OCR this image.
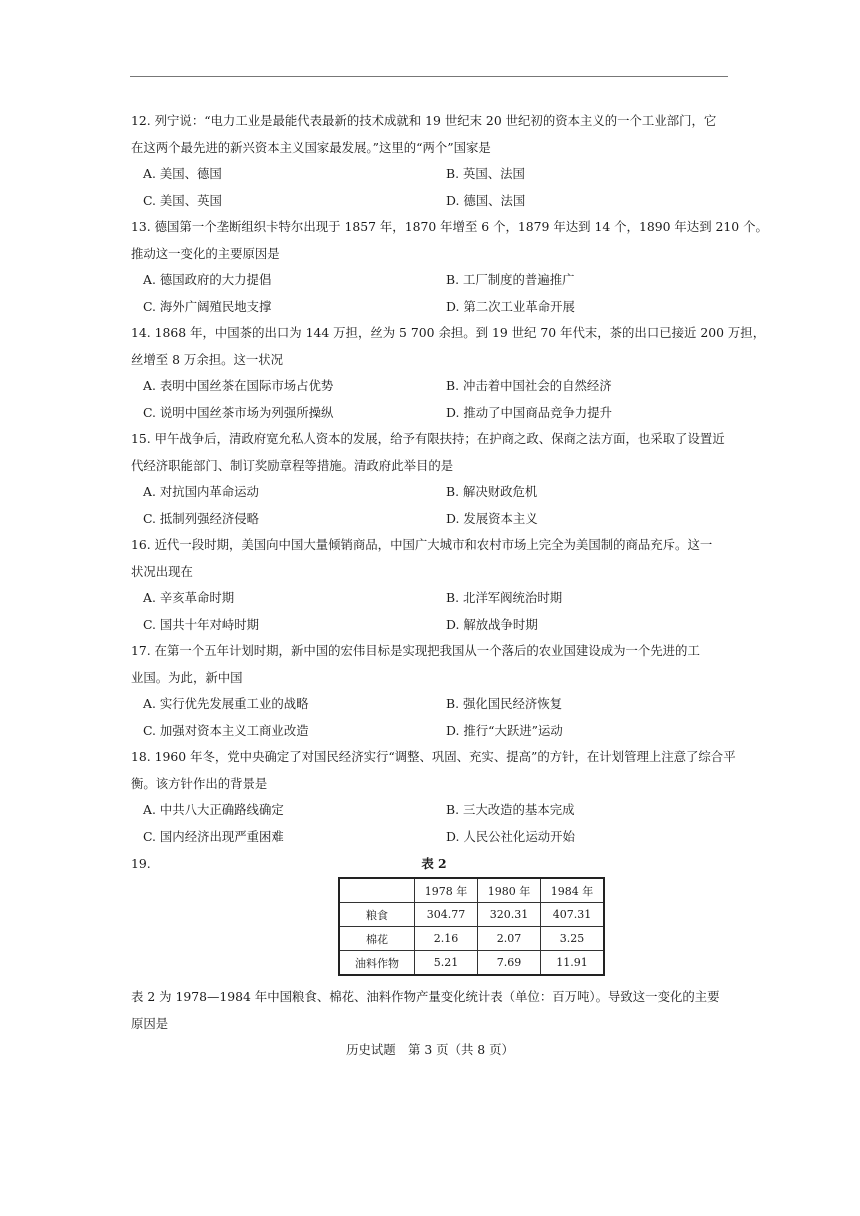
12. 列宁说：“电力工业是最能代表最新的技术成就和 19 世纪末 20 世纪初的资本主义的一个工业部门，它
在这两个最先进的新兴资本主义国家最发展。”这里的“两个”国家是
A. 美国、德国	B. 英国、法国
C. 美国、英国	D. 德国、法国
13. 德国第一个垄断组织卡特尔出现于 1857 年，1870 年增至 6 个，1879 年达到 14 个，1890 年达到 210 个。
推动这一变化的主要原因是
A. 德国政府的大力提倡	B. 工厂制度的普遍推广
C. 海外广阔殖民地支撑	D. 第二次工业革命开展
14. 1868 年，中国茶的出口为 144 万担，丝为 5 700 余担。到 19 世纪 70 年代末，茶的出口已接近 200 万担，
丝增至 8 万余担。这一状况
A. 表明中国丝茶在国际市场占优势	B. 冲击着中国社会的自然经济
C. 说明中国丝茶市场为列强所操纵	D. 推动了中国商品竞争力提升
15. 甲午战争后，清政府宽允私人资本的发展，给予有限扶持；在护商之政、保商之法方面，也采取了设置近
代经济职能部门、制订奖励章程等措施。清政府此举目的是
A. 对抗国内革命运动	B. 解决财政危机
C. 抵制列强经济侵略	D. 发展资本主义
16. 近代一段时期，美国向中国大量倾销商品，中国广大城市和农村市场上完全为美国制的商品充斥。这一
状况出现在
A. 辛亥革命时期	B. 北洋军阀统治时期
C. 国共十年对峙时期	D. 解放战争时期
17. 在第一个五年计划时期，新中国的宏伟目标是实现把我国从一个落后的农业国建设成为一个先进的工
业国。为此，新中国
A. 实行优先发展重工业的战略	B. 强化国民经济恢复
C. 加强对资本主义工商业改造	D. 推行“大跃进”运动
18. 1960 年冬，党中央确定了对国民经济实行“调整、巩固、充实、提高”的方针，在计划管理上注意了综合平
衡。该方针作出的背景是
A. 中共八大正确路线确定	B. 三大改造的基本完成
C. 国内经济出现严重困难	D. 人民公社化运动开始
19.	表 2
	1978 年	1980 年	1984 年
粮食	304.77	320.31	407.31
棉花	2.16	2.07	3.25
油料作物	5.21	7.69	11.91
表 2 为 1978—1984 年中国粮食、棉花、油料作物产量变化统计表（单位：百万吨）。导致这一变化的主要
原因是
历史试题　第 3 页（共 8 页）
